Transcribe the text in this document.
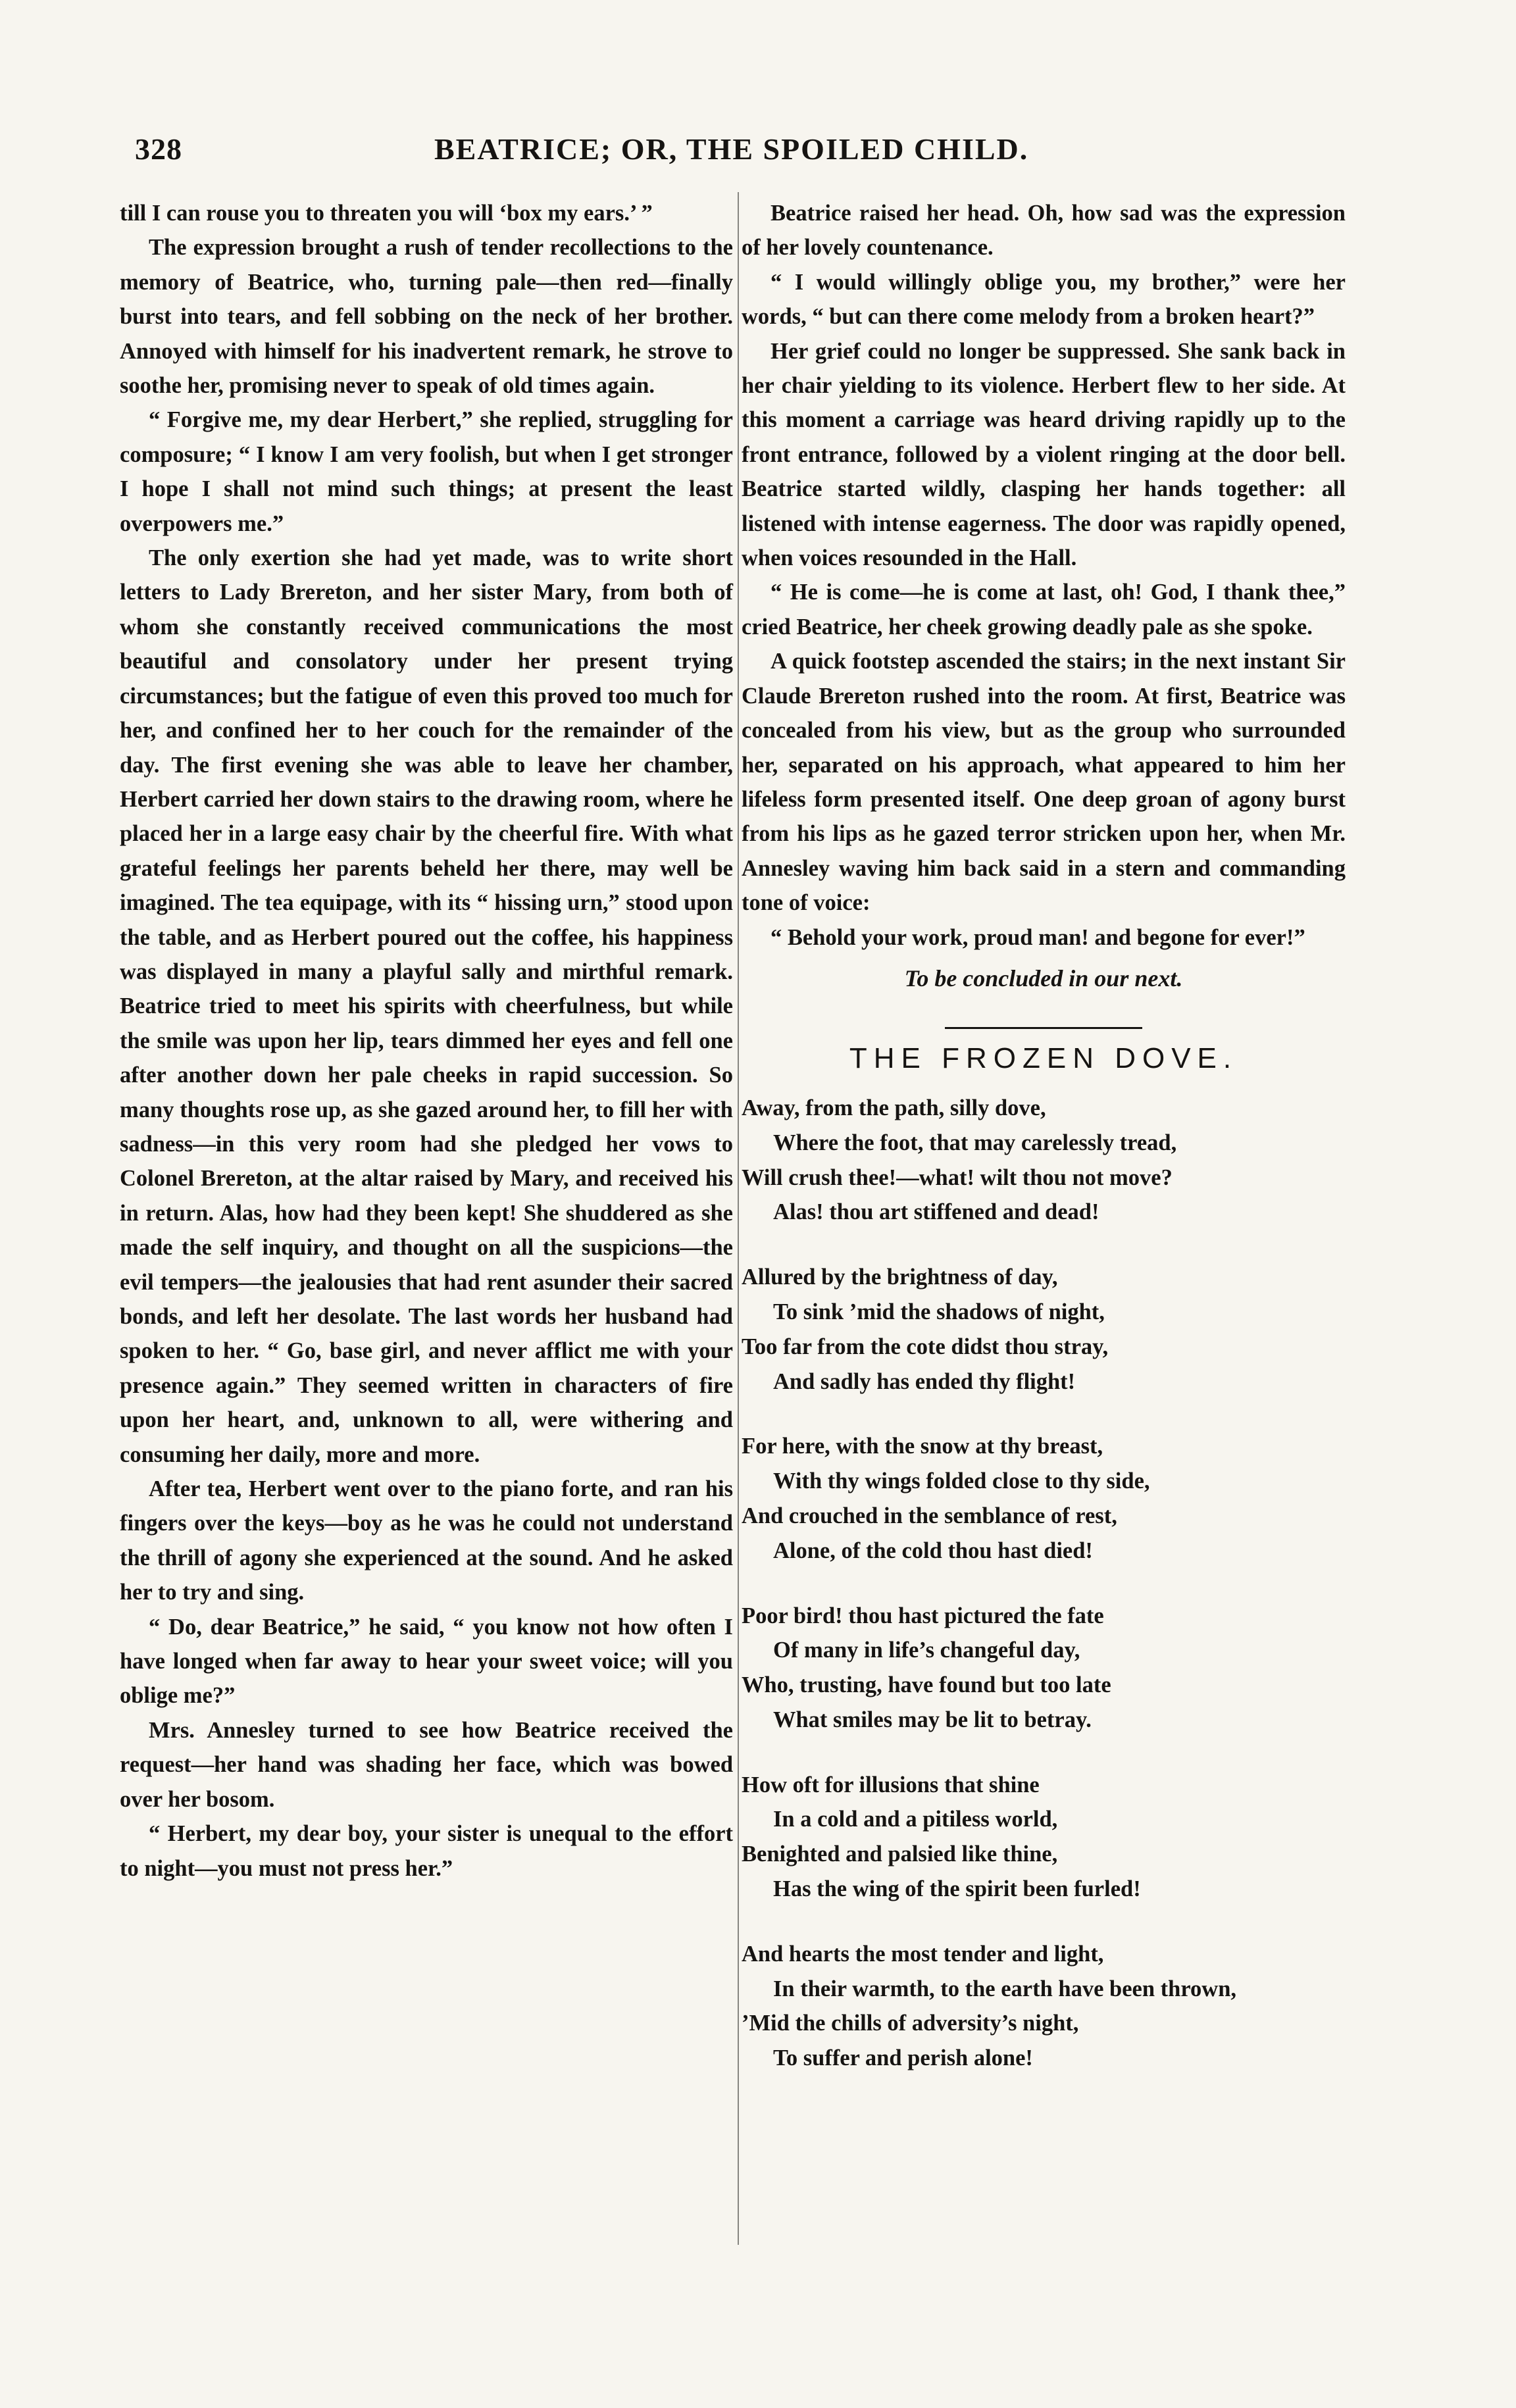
328	BEATRICE; OR, THE SPOILED CHILD.

till I can rouse you to threaten you will ‘box my ears.’ ”

The expression brought a rush of tender recollections to the memory of Beatrice, who, turning pale—then red—finally burst into tears, and fell sobbing on the neck of her brother. Annoyed with himself for his inadvertent remark, he strove to soothe her, promising never to speak of old times again.

“ Forgive me, my dear Herbert,” she replied, struggling for composure; “ I know I am very foolish, but when I get stronger I hope I shall not mind such things; at present the least overpowers me.”

The only exertion she had yet made, was to write short letters to Lady Brereton, and her sister Mary, from both of whom she constantly received communications the most beautiful and consolatory under her present trying circumstances; but the fatigue of even this proved too much for her, and confined her to her couch for the remainder of the day. The first evening she was able to leave her chamber, Herbert carried her down stairs to the drawing room, where he placed her in a large easy chair by the cheerful fire. With what grateful feelings her parents beheld her there, may well be imagined. The tea equipage, with its “ hissing urn,” stood upon the table, and as Herbert poured out the coffee, his happiness was displayed in many a playful sally and mirthful remark. Beatrice tried to meet his spirits with cheerfulness, but while the smile was upon her lip, tears dimmed her eyes and fell one after another down her pale cheeks in rapid succession. So many thoughts rose up, as she gazed around her, to fill her with sadness—in this very room had she pledged her vows to Colonel Brereton, at the altar raised by Mary, and received his in return. Alas, how had they been kept! She shuddered as she made the self inquiry, and thought on all the suspicions—the evil tempers—the jealousies that had rent asunder their sacred bonds, and left her desolate. The last words her husband had spoken to her. “ Go, base girl, and never afflict me with your presence again.” They seemed written in characters of fire upon her heart, and, unknown to all, were withering and consuming her daily, more and more.

After tea, Herbert went over to the piano forte, and ran his fingers over the keys—boy as he was he could not understand the thrill of agony she experienced at the sound. And he asked her to try and sing.

“ Do, dear Beatrice,” he said, “ you know not how often I have longed when far away to hear your sweet voice; will you oblige me?”

Mrs. Annesley turned to see how Beatrice received the request—her hand was shading her face, which was bowed over her bosom.

“ Herbert, my dear boy, your sister is unequal to the effort to night—you must not press her.”

Beatrice raised her head. Oh, how sad was the expression of her lovely countenance.

“ I would willingly oblige you, my brother,” were her words, “ but can there come melody from a broken heart?”

Her grief could no longer be suppressed. She sank back in her chair yielding to its violence. Herbert flew to her side. At this moment a carriage was heard driving rapidly up to the front entrance, followed by a violent ringing at the door bell. Beatrice started wildly, clasping her hands together: all listened with intense eagerness. The door was rapidly opened, when voices resounded in the Hall.

“ He is come—he is come at last, oh! God, I thank thee,” cried Beatrice, her cheek growing deadly pale as she spoke.

A quick footstep ascended the stairs; in the next instant Sir Claude Brereton rushed into the room. At first, Beatrice was concealed from his view, but as the group who surrounded her, separated on his approach, what appeared to him her lifeless form presented itself. One deep groan of agony burst from his lips as he gazed terror stricken upon her, when Mr. Annesley waving him back said in a stern and commanding tone of voice:

“ Behold your work, proud man! and begone for ever!”

To be concluded in our next.
THE FROZEN DOVE.
Away, from the path, silly dove,
Where the foot, that may carelessly tread,
Will crush thee!—what! wilt thou not move?
Alas! thou art stiffened and dead!
Allured by the brightness of day,
To sink ’mid the shadows of night,
Too far from the cote didst thou stray,
And sadly has ended thy flight!
For here, with the snow at thy breast,
With thy wings folded close to thy side,
And crouched in the semblance of rest,
Alone, of the cold thou hast died!
Poor bird! thou hast pictured the fate
Of many in life’s changeful day,
Who, trusting, have found but too late
What smiles may be lit to betray.
How oft for illusions that shine
In a cold and a pitiless world,
Benighted and palsied like thine,
Has the wing of the spirit been furled!
And hearts the most tender and light,
In their warmth, to the earth have been thrown,
’Mid the chills of adversity’s night,
To suffer and perish alone!
